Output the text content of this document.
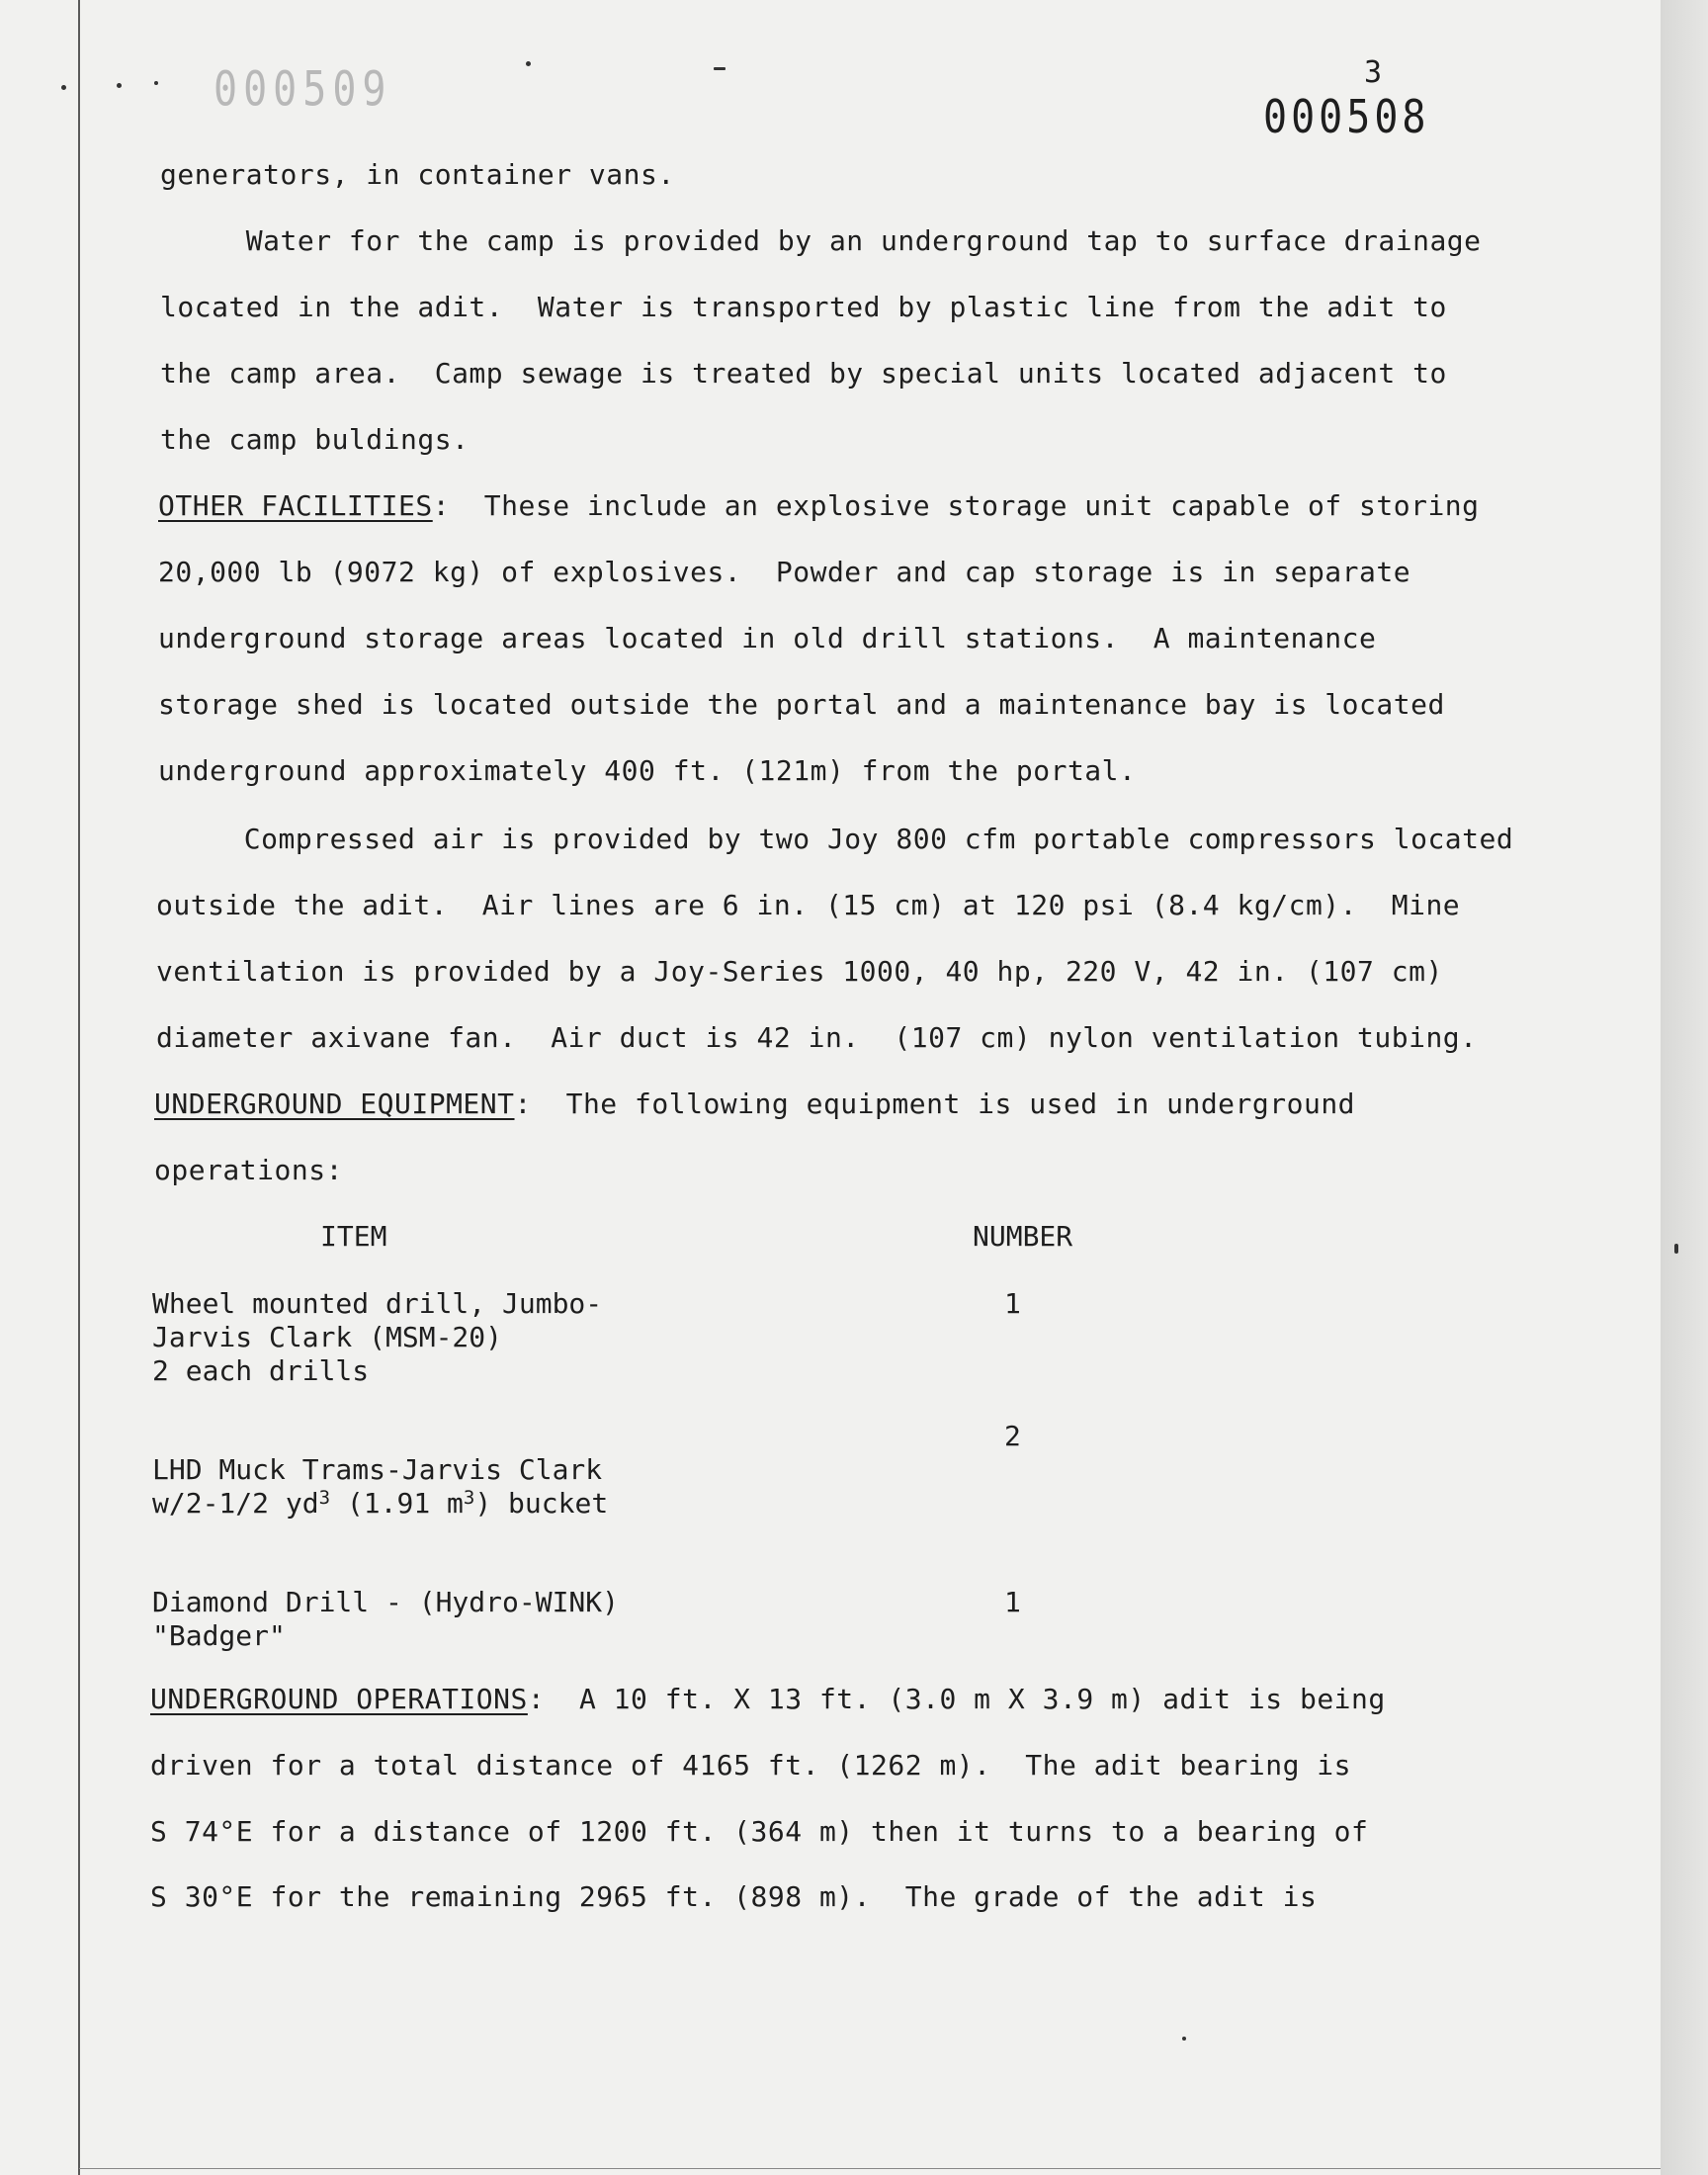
000509	3
000508
generators, in container vans.
Water for the camp is provided by an underground tap to surface drainage
located in the adit.  Water is transported by plastic line from the adit to
the camp area.  Camp sewage is treated by special units located adjacent to
the camp buldings.
OTHER FACILITIES:  These include an explosive storage unit capable of storing
20,000 lb (9072 kg) of explosives.  Powder and cap storage is in separate
underground storage areas located in old drill stations.  A maintenance
storage shed is located outside the portal and a maintenance bay is located
underground approximately 400 ft. (121m) from the portal.
Compressed air is provided by two Joy 800 cfm portable compressors located
outside the adit.  Air lines are 6 in. (15 cm) at 120 psi (8.4 kg/cm).  Mine
ventilation is provided by a Joy-Series 1000, 40 hp, 220 V, 42 in. (107 cm)
diameter axivane fan.  Air duct is 42 in.  (107 cm) nylon ventilation tubing.
UNDERGROUND EQUIPMENT:  The following equipment is used in underground
operations:
ITEM	NUMBER
Wheel mounted drill, Jumbo-
Jarvis Clark (MSM-20)
2 each drills
1
2
LHD Muck Trams-Jarvis Clark
w/2-1/2 $yd^3$ (1.91 $m^3$) bucket
Diamond Drill - (Hydro-WINK)
"Badger"
1
UNDERGROUND OPERATIONS:  A 10 ft. X 13 ft. (3.0 m X 3.9 m) adit is being
driven for a total distance of 4165 ft. (1262 m).  The adit bearing is
S 74°E for a distance of 1200 ft. (364 m) then it turns to a bearing of
S 30°E for the remaining 2965 ft. (898 m).  The grade of the adit is
